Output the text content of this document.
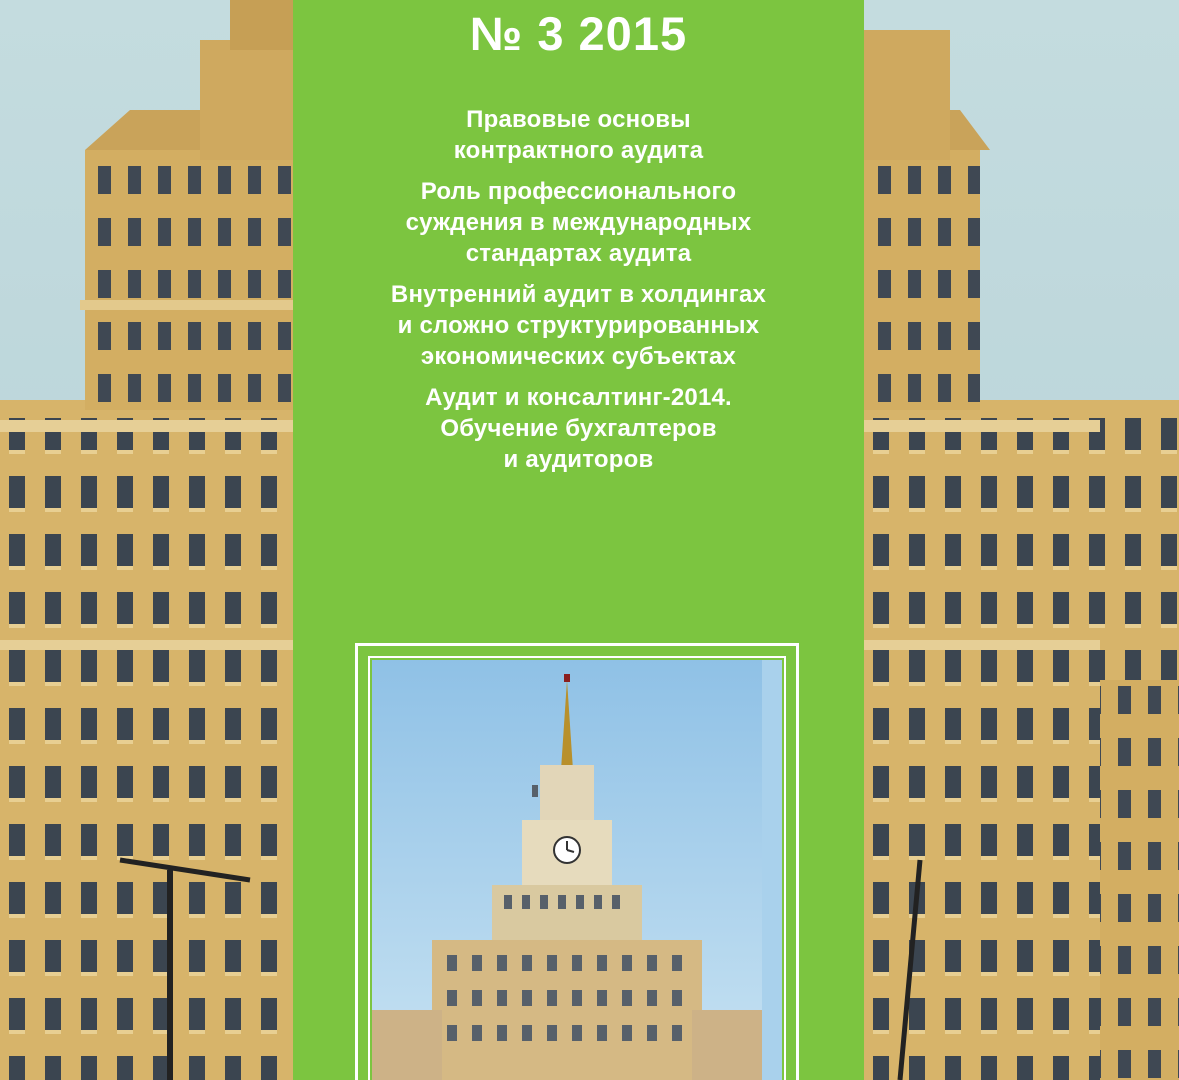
№ 3 2015
Правовые основы
контрактного аудита
Роль профессионального
суждения в международных
стандартах аудита
Внутренний аудит в холдингах
и сложно структурированных
экономических субъектах
Аудит и консалтинг-2014.
Обучение бухгалтеров
и аудиторов
